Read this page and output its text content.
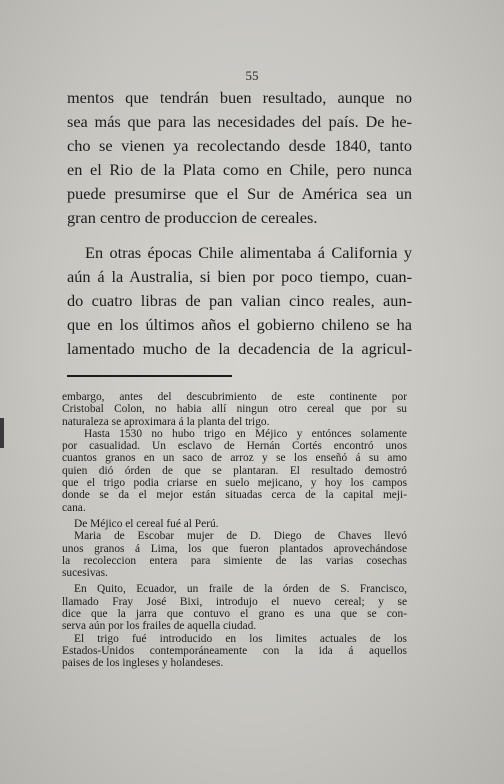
55
mentos que tendrán buen resultado, aunque no
sea más que para las necesidades del país. De he-
cho se vienen ya recolectando desde 1840, tanto
en el Rio de la Plata como en Chile, pero nunca
puede presumirse que el Sur de América sea un
gran centro de produccion de cereales.
En otras épocas Chile alimentaba á California y
aún á la Australia, si bien por poco tiempo, cuan-
do cuatro libras de pan valian cinco reales, aun-
que en los últimos años el gobierno chileno se ha
lamentado mucho de la decadencia de la agricul-
embargo, antes del descubrimiento de este continente por
Cristobal Colon, no habia allí ningun otro cereal que por su
naturaleza se aproximara á la planta del trigo.
Hasta 1530 no hubo trigo en Méjico y entónces solamente
por casualidad. Un esclavo de Hernán Cortés encontró unos
cuantos granos en un saco de arroz y se los enseñó á su amo
quien dió órden de que se plantaran. El resultado demostró
que el trigo podia criarse en suelo mejicano, y hoy los campos
donde se da el mejor están situadas cerca de la capital meji-
cana.
De Méjico el cereal fué al Perú.
Maria de Escobar mujer de D. Diego de Chaves llevó
unos granos á Lima, los que fueron plantados aprovechándose
la recoleccion entera para simiente de las varias cosechas
sucesivas.
En Quito, Ecuador, un fraile de la órden de S. Francisco,
llamado Fray José Bixi, introdujo el nuevo cereal; y se
dice que la jarra que contuvo el grano es una que se con-
serva aún por los frailes de aquella ciudad.
El trigo fué introducido en los limites actuales de los
Estados-Unidos contemporáneamente con la ida á aquellos
paises de los ingleses y holandeses.
